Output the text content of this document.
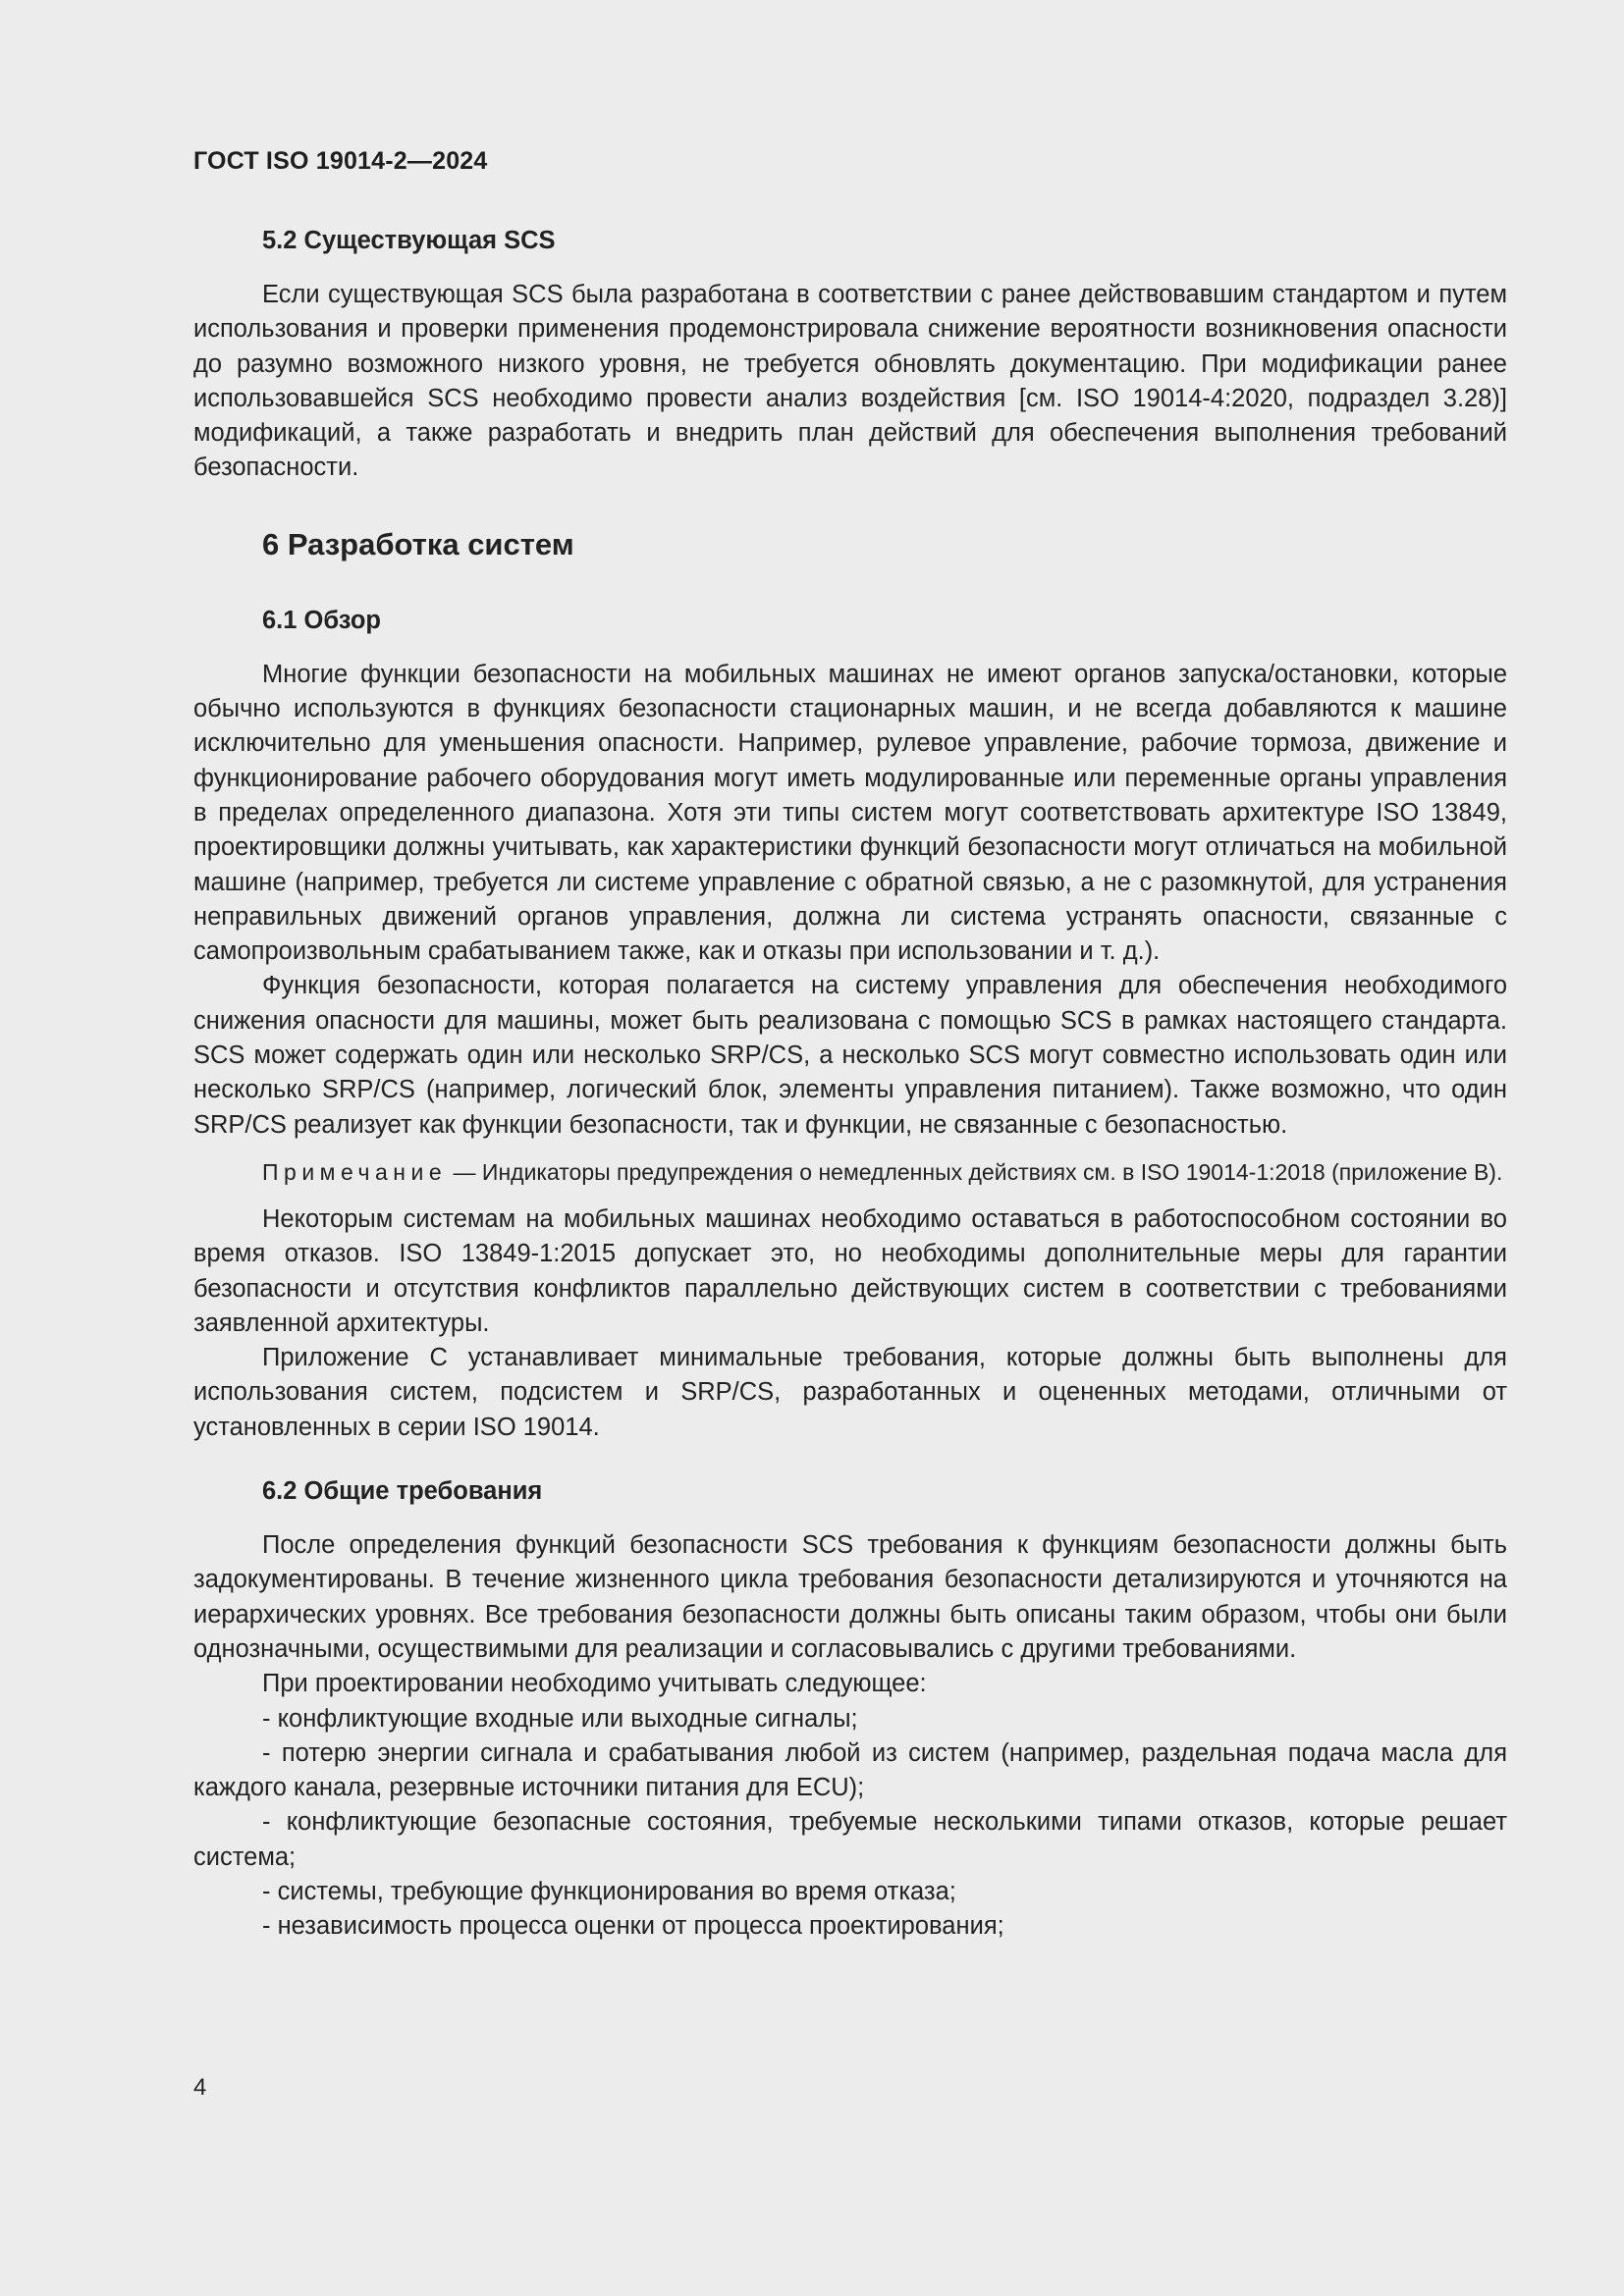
ГОСТ ISO 19014-2—2024

5.2 Существующая SCS

Если существующая SCS была разработана в соответствии с ранее действовавшим стандартом и путем использования и проверки применения продемонстрировала снижение вероятности возникновения опасности до разумно возможного низкого уровня, не требуется обновлять документацию. При модификации ранее использовавшейся SCS необходимо провести анализ воздействия [см. ISO 19014-4:2020, подраздел 3.28)] модификаций, а также разработать и внедрить план действий для обеспечения выполнения требований безопасности.

6 Разработка систем

6.1 Обзор

Многие функции безопасности на мобильных машинах не имеют органов запуска/остановки, которые обычно используются в функциях безопасности стационарных машин, и не всегда добавляются к машине исключительно для уменьшения опасности. Например, рулевое управление, рабочие тормоза, движение и функционирование рабочего оборудования могут иметь модулированные или переменные органы управления в пределах определенного диапазона. Хотя эти типы систем могут соответствовать архитектуре ISO 13849, проектировщики должны учитывать, как характеристики функций безопасности могут отличаться на мобильной машине (например, требуется ли системе управление с обратной связью, а не с разомкнутой, для устранения неправильных движений органов управления, должна ли система устранять опасности, связанные с самопроизвольным срабатыванием также, как и отказы при использовании и т. д.).

Функция безопасности, которая полагается на систему управления для обеспечения необходимого снижения опасности для машины, может быть реализована с помощью SCS в рамках настоящего стандарта. SCS может содержать один или несколько SRP/CS, а несколько SCS могут совместно использовать один или несколько SRP/CS (например, логический блок, элементы управления питанием). Также возможно, что один SRP/CS реализует как функции безопасности, так и функции, не связанные с безопасностью.

Примечание — Индикаторы предупреждения о немедленных действиях см. в ISO 19014-1:2018 (приложение В).

Некоторым системам на мобильных машинах необходимо оставаться в работоспособном состоянии во время отказов. ISO 13849-1:2015 допускает это, но необходимы дополнительные меры для гарантии безопасности и отсутствия конфликтов параллельно действующих систем в соответствии с требованиями заявленной архитектуры.

Приложение С устанавливает минимальные требования, которые должны быть выполнены для использования систем, подсистем и SRP/CS, разработанных и оцененных методами, отличными от установленных в серии ISO 19014.

6.2 Общие требования

После определения функций безопасности SCS требования к функциям безопасности должны быть задокументированы. В течение жизненного цикла требования безопасности детализируются и уточняются на иерархических уровнях. Все требования безопасности должны быть описаны таким образом, чтобы они были однозначными, осуществимыми для реализации и согласовывались с другими требованиями.

При проектировании необходимо учитывать следующее:

- конфликтующие входные или выходные сигналы;

- потерю энергии сигнала и срабатывания любой из систем (например, раздельная подача масла для каждого канала, резервные источники питания для ECU);

- конфликтующие безопасные состояния, требуемые несколькими типами отказов, которые решает система;

- системы, требующие функционирования во время отказа;

- независимость процесса оценки от процесса проектирования;

4
